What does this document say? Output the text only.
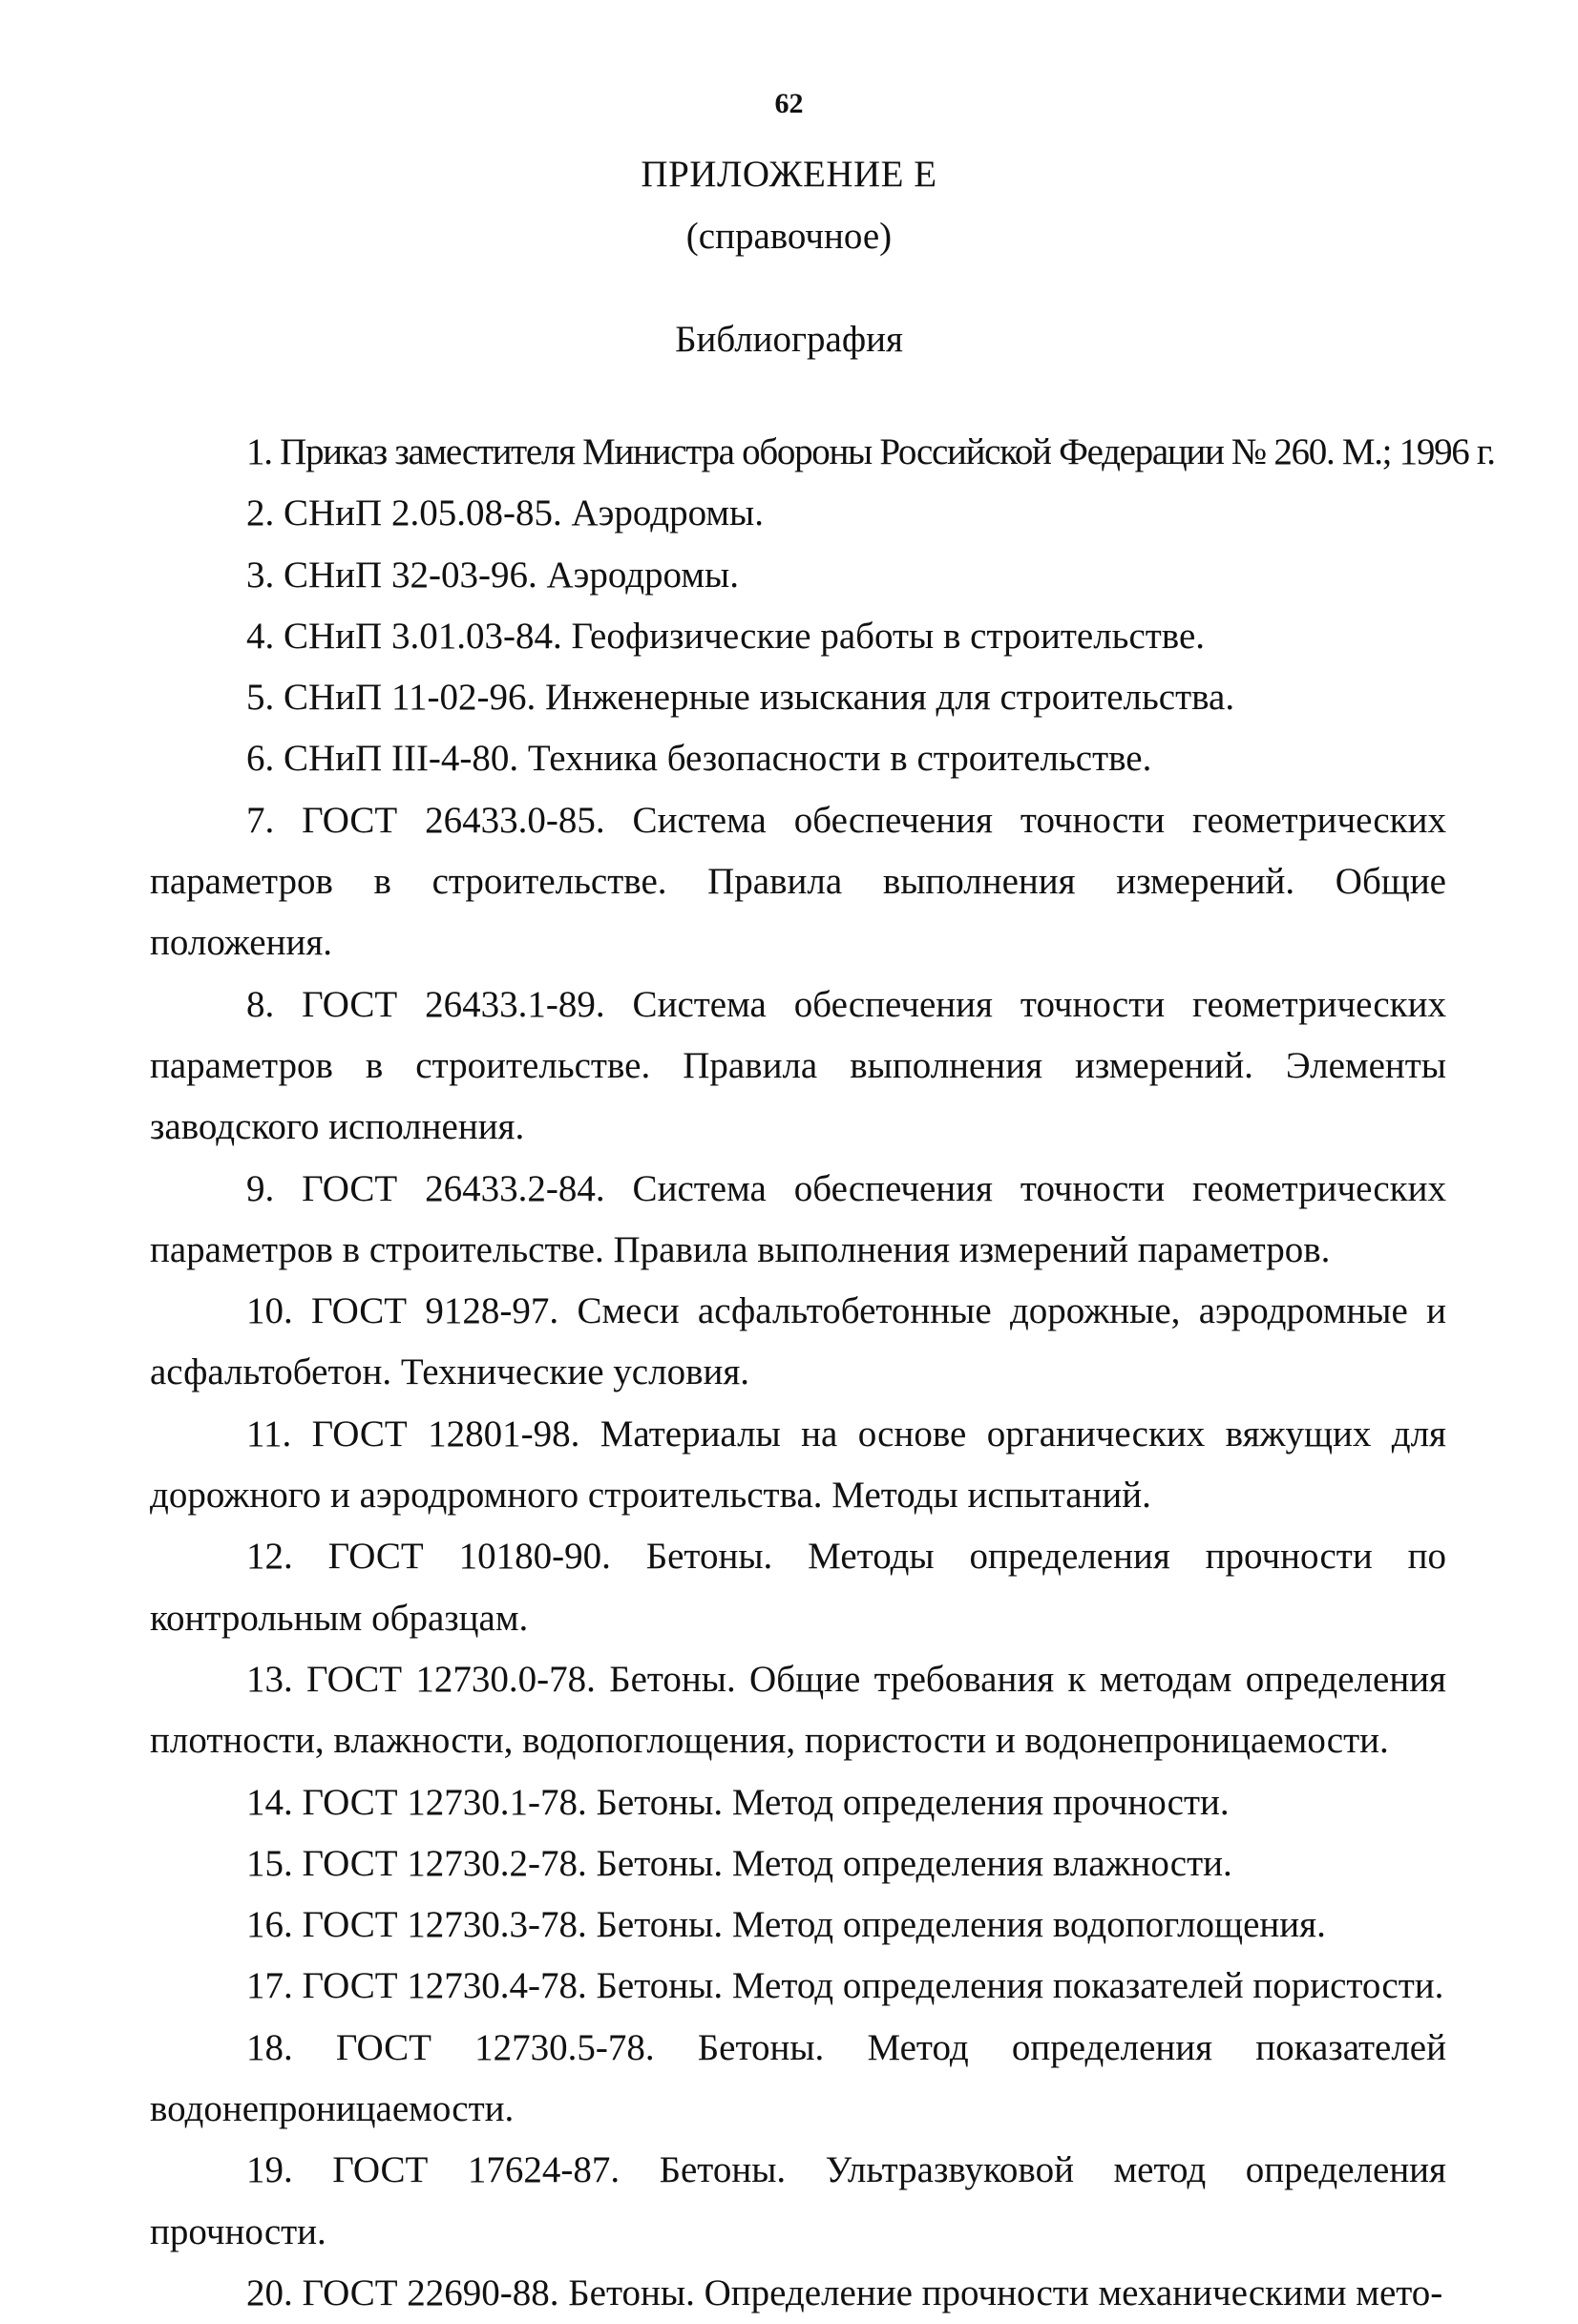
62
ПРИЛОЖЕНИЕ Е
(справочное)
Библиография
1. Приказ заместителя Министра обороны Российской Федерации № 260. М.; 1996 г.
2. СНиП 2.05.08-85. Аэродромы.
3. СНиП 32-03-96. Аэродромы.
4. СНиП 3.01.03-84. Геофизические работы в строительстве.
5. СНиП 11-02-96. Инженерные изыскания для строительства.
6. СНиП III-4-80. Техника безопасности в строительстве.
7. ГОСТ 26433.0-85. Система обеспечения точности геометрических параметров в строительстве. Правила выполнения измерений. Общие положения.
8. ГОСТ 26433.1-89. Система обеспечения точности геометрических параметров в строительстве. Правила выполнения измерений. Элементы заводского исполнения.
9. ГОСТ 26433.2-84. Система обеспечения точности геометрических параметров в строительстве. Правила выполнения измерений параметров.
10. ГОСТ 9128-97. Смеси асфальтобетонные дорожные, аэродромные и асфальтобетон. Технические условия.
11. ГОСТ 12801-98. Материалы на основе органических вяжущих для дорожного и аэродромного строительства. Методы испытаний.
12. ГОСТ 10180-90. Бетоны. Методы определения прочности по контрольным образцам.
13. ГОСТ 12730.0-78. Бетоны. Общие требования к методам определения плотности, влажности, водопоглощения, пористости и водонепроницаемости.
14. ГОСТ 12730.1-78. Бетоны. Метод определения прочности.
15. ГОСТ 12730.2-78. Бетоны. Метод определения влажности.
16. ГОСТ 12730.3-78. Бетоны. Метод определения водопоглощения.
17. ГОСТ 12730.4-78. Бетоны. Метод определения показателей пористости.
18. ГОСТ 12730.5-78. Бетоны. Метод определения показателей водонепроницаемости.
19. ГОСТ 17624-87. Бетоны. Ультразвуковой метод определения прочности.
20. ГОСТ 22690-88. Бетоны. Определение прочности механическими мето-
